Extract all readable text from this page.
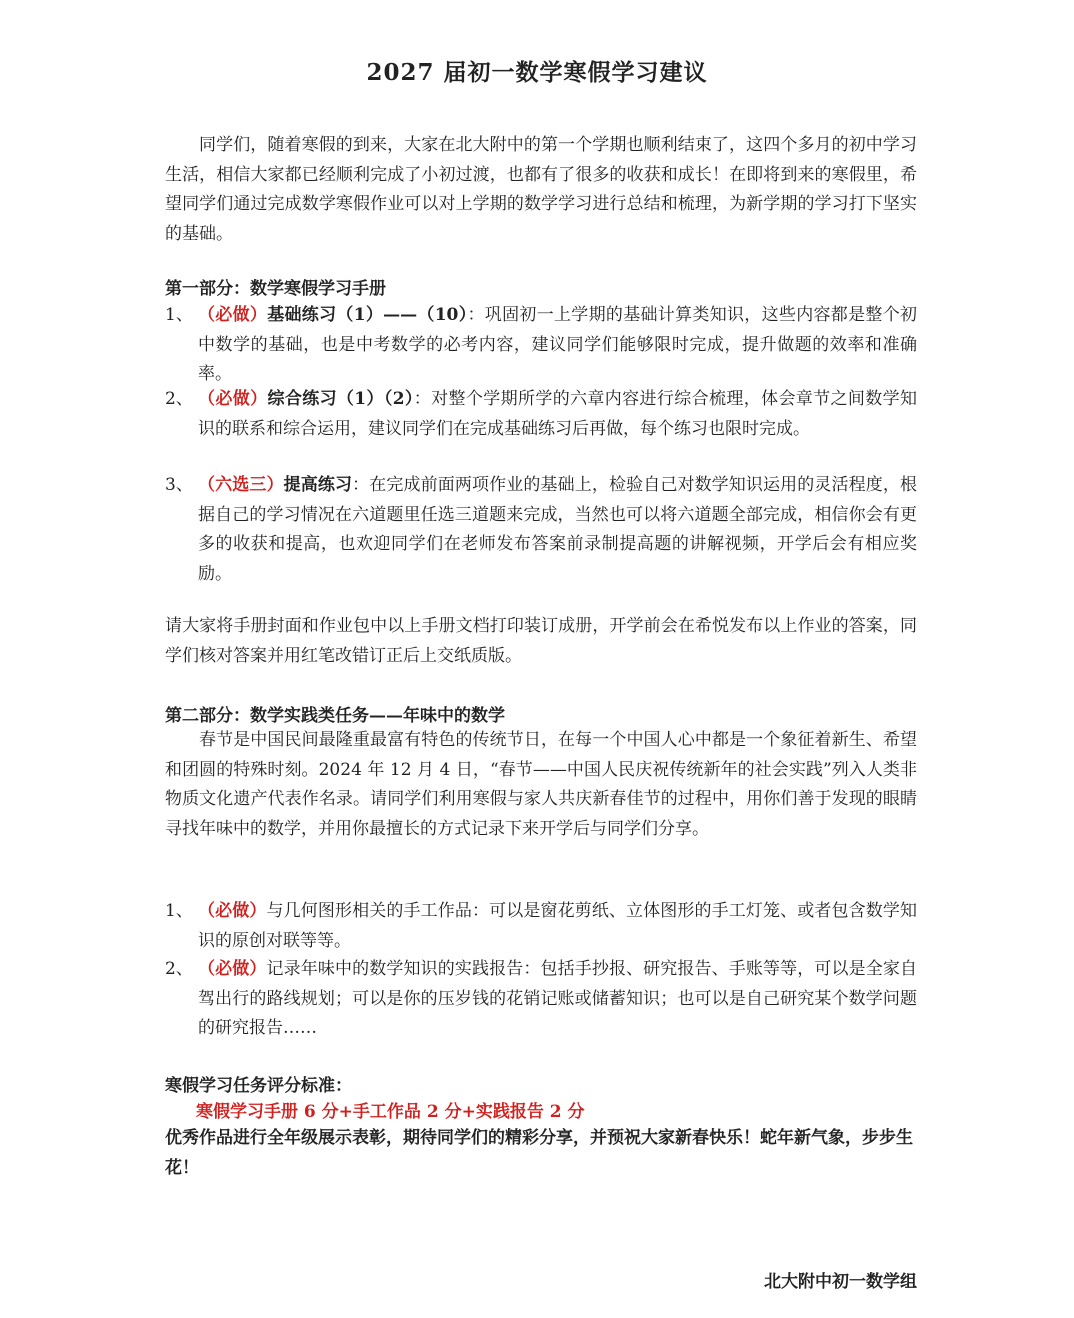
2027 届初一数学寒假学习建议

同学们，随着寒假的到来，大家在北大附中的第一个学期也顺利结束了，这四个多月的初中学习生活，相信大家都已经顺利完成了小初过渡，也都有了很多的收获和成长！在即将到来的寒假里，希望同学们通过完成数学寒假作业可以对上学期的数学学习进行总结和梳理，为新学期的学习打下坚实的基础。

第一部分：数学寒假学习手册
1、 （必做）基础练习（1）——（10）：巩固初一上学期的基础计算类知识，这些内容都是整个初中数学的基础，也是中考数学的必考内容，建议同学们能够限时完成，提升做题的效率和准确率。
2、 （必做）综合练习（1）（2）：对整个学期所学的六章内容进行综合梳理，体会章节之间数学知识的联系和综合运用，建议同学们在完成基础练习后再做，每个练习也限时完成。
3、 （六选三）提高练习：在完成前面两项作业的基础上，检验自己对数学知识运用的灵活程度，根据自己的学习情况在六道题里任选三道题来完成，当然也可以将六道题全部完成，相信你会有更多的收获和提高，也欢迎同学们在老师发布答案前录制提高题的讲解视频，开学后会有相应奖励。

请大家将手册封面和作业包中以上手册文档打印装订成册，开学前会在希悦发布以上作业的答案，同学们核对答案并用红笔改错订正后上交纸质版。

第二部分：数学实践类任务——年味中的数学

春节是中国民间最隆重最富有特色的传统节日，在每一个中国人心中都是一个象征着新生、希望和团圆的特殊时刻。2024 年 12 月 4 日，“春节——中国人民庆祝传统新年的社会实践”列入人类非物质文化遗产代表作名录。请同学们利用寒假与家人共庆新春佳节的过程中，用你们善于发现的眼睛寻找年味中的数学，并用你最擅长的方式记录下来开学后与同学们分享。

1、 （必做）与几何图形相关的手工作品：可以是窗花剪纸、立体图形的手工灯笼、或者包含数学知识的原创对联等等。
2、 （必做）记录年味中的数学知识的实践报告：包括手抄报、研究报告、手账等等，可以是全家自驾出行的路线规划；可以是你的压岁钱的花销记账或储蓄知识；也可以是自己研究某个数学问题的研究报告……
寒假学习任务评分标准：
寒假学习手册 6 分+手工作品 2 分+实践报告 2 分

优秀作品进行全年级展示表彰，期待同学们的精彩分享，并预祝大家新春快乐！蛇年新气象，步步生花！

北大附中初一数学组
